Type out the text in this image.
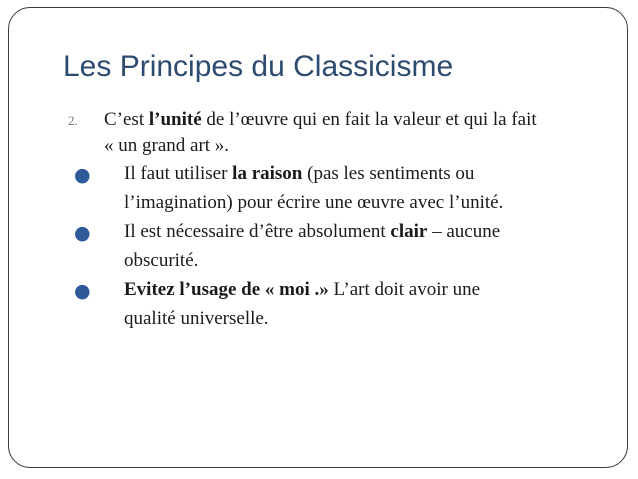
Les Principes du Classicisme
2. C’est l’unité de l’œuvre qui en fait la valeur et qui la fait
« un grand art ».
● Il faut utiliser la raison (pas les sentiments ou
l’imagination) pour écrire une œuvre avec l’unité.
● Il est nécessaire d’être absolument clair – aucune
obscurité.
● Evitez l’usage de « moi .» L’art doit avoir une
qualité universelle.
